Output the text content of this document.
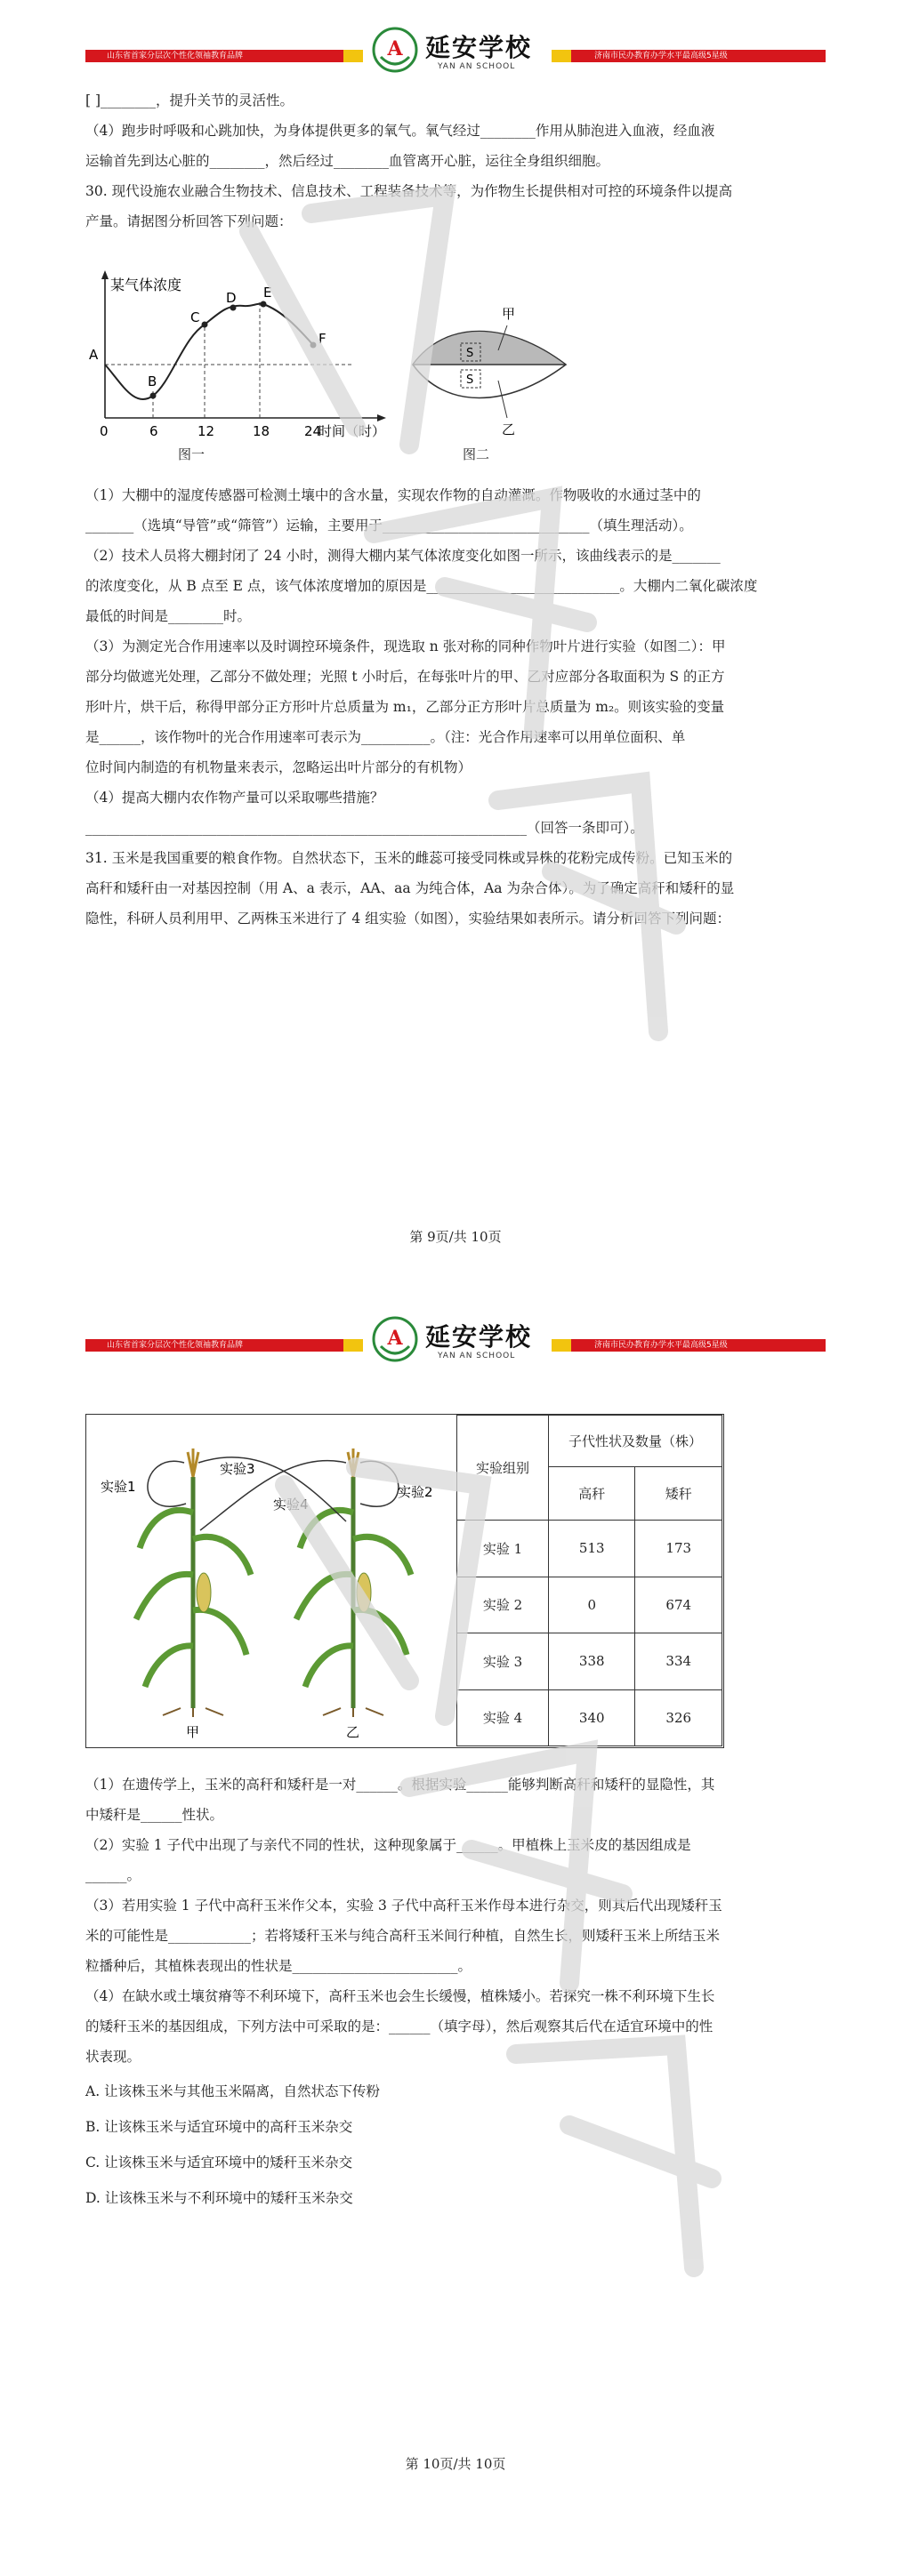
山东省首家分层次个性化领袖教育品牌	A 延安学校
YAN AN SCHOOL
济南市民办教育办学水平最高级5星级
[ ]________，提升关节的灵活性。
（4）跑步时呼吸和心跳加快，为身体提供更多的氧气。氧气经过________作用从肺泡进入血液，经血液
运输首先到达心脏的________，然后经过________血管离开心脏，运往全身组织细胞。
30. 现代设施农业融合生物技术、信息技术、工程装备技术等，为作物生长提供相对可控的环境条件以提高
产量。请据图分析回答下列问题：
某气体浓度
A
B
C
D E
F
0	6	12	18	24
时间（时）
图一
S
S
甲
乙
图二
（1）大棚中的湿度传感器可检测土壤中的含水量，实现农作物的自动灌溉。作物吸收的水通过茎中的
_______（选填“导管”或“筛管”）运输，主要用于______________________________（填生理活动）。
（2）技术人员将大棚封闭了 24 小时，测得大棚内某气体浓度变化如图一所示，该曲线表示的是_______
的浓度变化，从 B 点至 E 点，该气体浓度增加的原因是____________________________。大棚内二氧化碳浓度
最低的时间是________时。
（3）为测定光合作用速率以及时调控环境条件，现选取 n 张对称的同种作物叶片进行实验（如图二）：甲
部分均做遮光处理，乙部分不做处理；光照 t 小时后，在每张叶片的甲、乙对应部分各取面积为 S 的正方
形叶片，烘干后，称得甲部分正方形叶片总质量为 m₁，乙部分正方形叶片总质量为 m₂。则该实验的变量
是______，该作物叶的光合作用速率可表示为__________。（注：光合作用速率可以用单位面积、单
位时间内制造的有机物量来表示，忽略运出叶片部分的有机物）
（4）提高大棚内农作物产量可以采取哪些措施？
________________________________________________________________（回答一条即可）。
31. 玉米是我国重要的粮食作物。自然状态下，玉米的雌蕊可接受同株或异株的花粉完成传粉。已知玉米的
高秆和矮秆由一对基因控制（用 A、a 表示，AA、aa 为纯合体，Aa 为杂合体）。为了确定高秆和矮秆的显
隐性，科研人员利用甲、乙两株玉米进行了 4 组实验（如图），实验结果如表所示。请分析回答下列问题：
第 9页/共 10页
山东省首家分层次个性化领袖教育品牌	A 延安学校
YAN AN SCHOOL
济南市民办教育办学水平最高级5星级
实验1
实验3
实验4
实验2
甲	乙
实验组别	子代性状及数量（株）	
	高秆	矮秆
实验 1	513	173
实验 2	0	674
实验 3	338	334
实验 4	340	326
（1）在遗传学上，玉米的高秆和矮秆是一对______。根据实验______能够判断高秆和矮秆的显隐性，其
中矮秆是______性状。
（2）实验 1 子代中出现了与亲代不同的性状，这种现象属于______。甲植株上玉米皮的基因组成是
______。
（3）若用实验 1 子代中高秆玉米作父本，实验 3 子代中高秆玉米作母本进行杂交，则其后代出现矮秆玉
米的可能性是____________；若将矮秆玉米与纯合高秆玉米间行种植，自然生长，则矮秆玉米上所结玉米
粒播种后，其植株表现出的性状是________________________。
（4）在缺水或土壤贫瘠等不利环境下，高秆玉米也会生长缓慢，植株矮小。若探究一株不利环境下生长
的矮秆玉米的基因组成，下列方法中可采取的是：______（填字母），然后观察其后代在适宜环境中的性
状表现。
A. 让该株玉米与其他玉米隔离，自然状态下传粉
B. 让该株玉米与适宜环境中的高秆玉米杂交
C. 让该株玉米与适宜环境中的矮秆玉米杂交
D. 让该株玉米与不利环境中的矮秆玉米杂交
第 10页/共 10页
